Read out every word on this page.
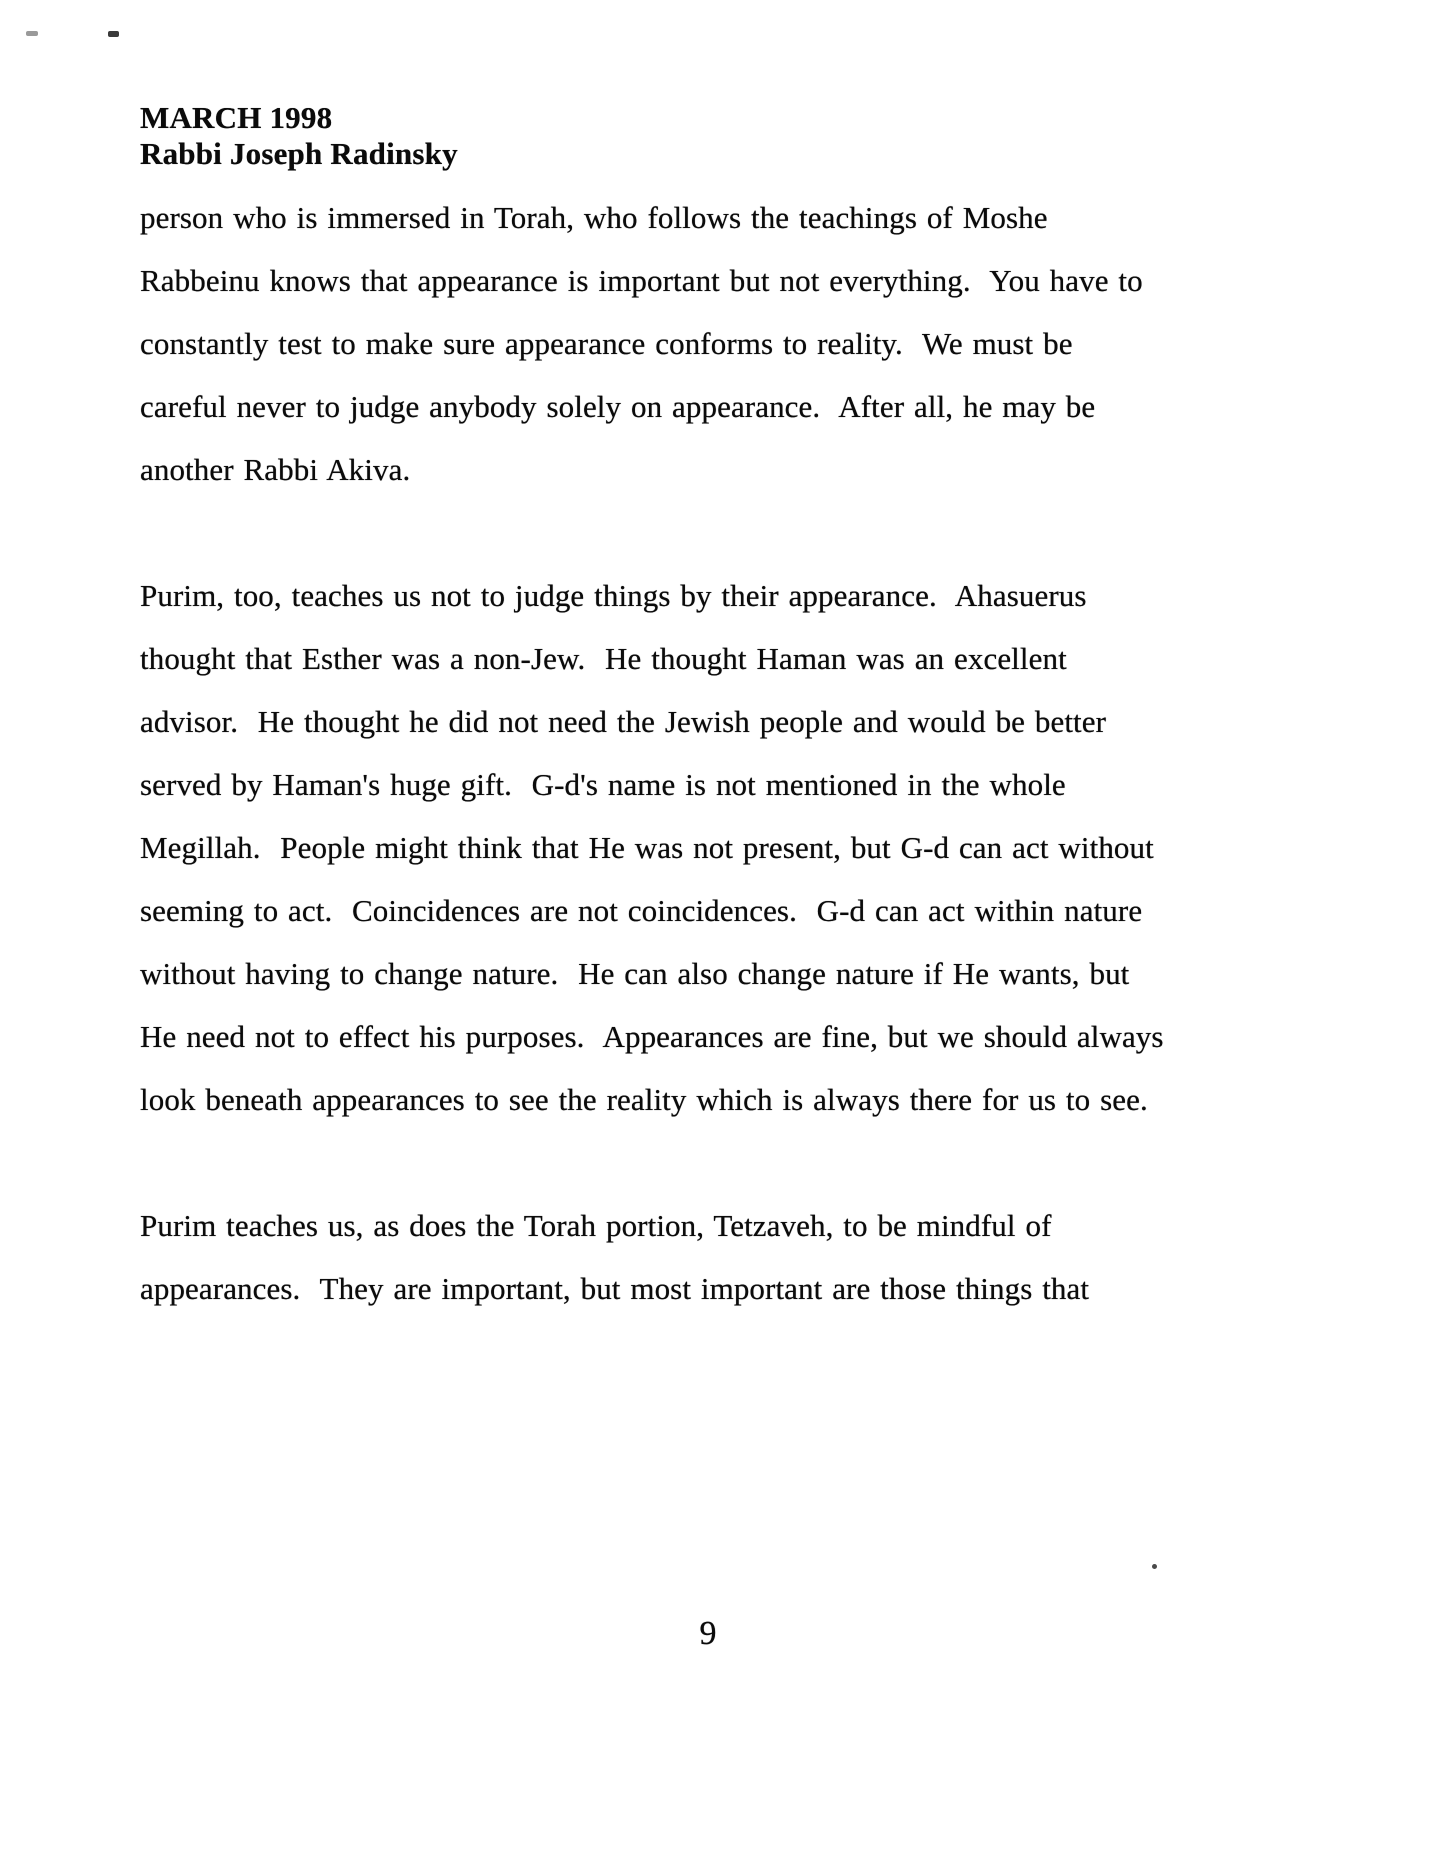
MARCH 1998
Rabbi Joseph Radinsky
person who is immersed in Torah, who follows the teachings of Moshe
Rabbeinu knows that appearance is important but not everything.  You have to
constantly test to make sure appearance conforms to reality.  We must be
careful never to judge anybody solely on appearance.  After all, he may be
another Rabbi Akiva.
Purim, too, teaches us not to judge things by their appearance.  Ahasuerus
thought that Esther was a non-Jew.  He thought Haman was an excellent
advisor.  He thought he did not need the Jewish people and would be better
served by Haman's huge gift.  G-d's name is not mentioned in the whole
Megillah.  People might think that He was not present, but G-d can act without
seeming to act.  Coincidences are not coincidences.  G-d can act within nature
without having to change nature.  He can also change nature if He wants, but
He need not to effect his purposes.  Appearances are fine, but we should always
look beneath appearances to see the reality which is always there for us to see.
Purim teaches us, as does the Torah portion, Tetzaveh, to be mindful of
appearances.  They are important, but most important are those things that
9
